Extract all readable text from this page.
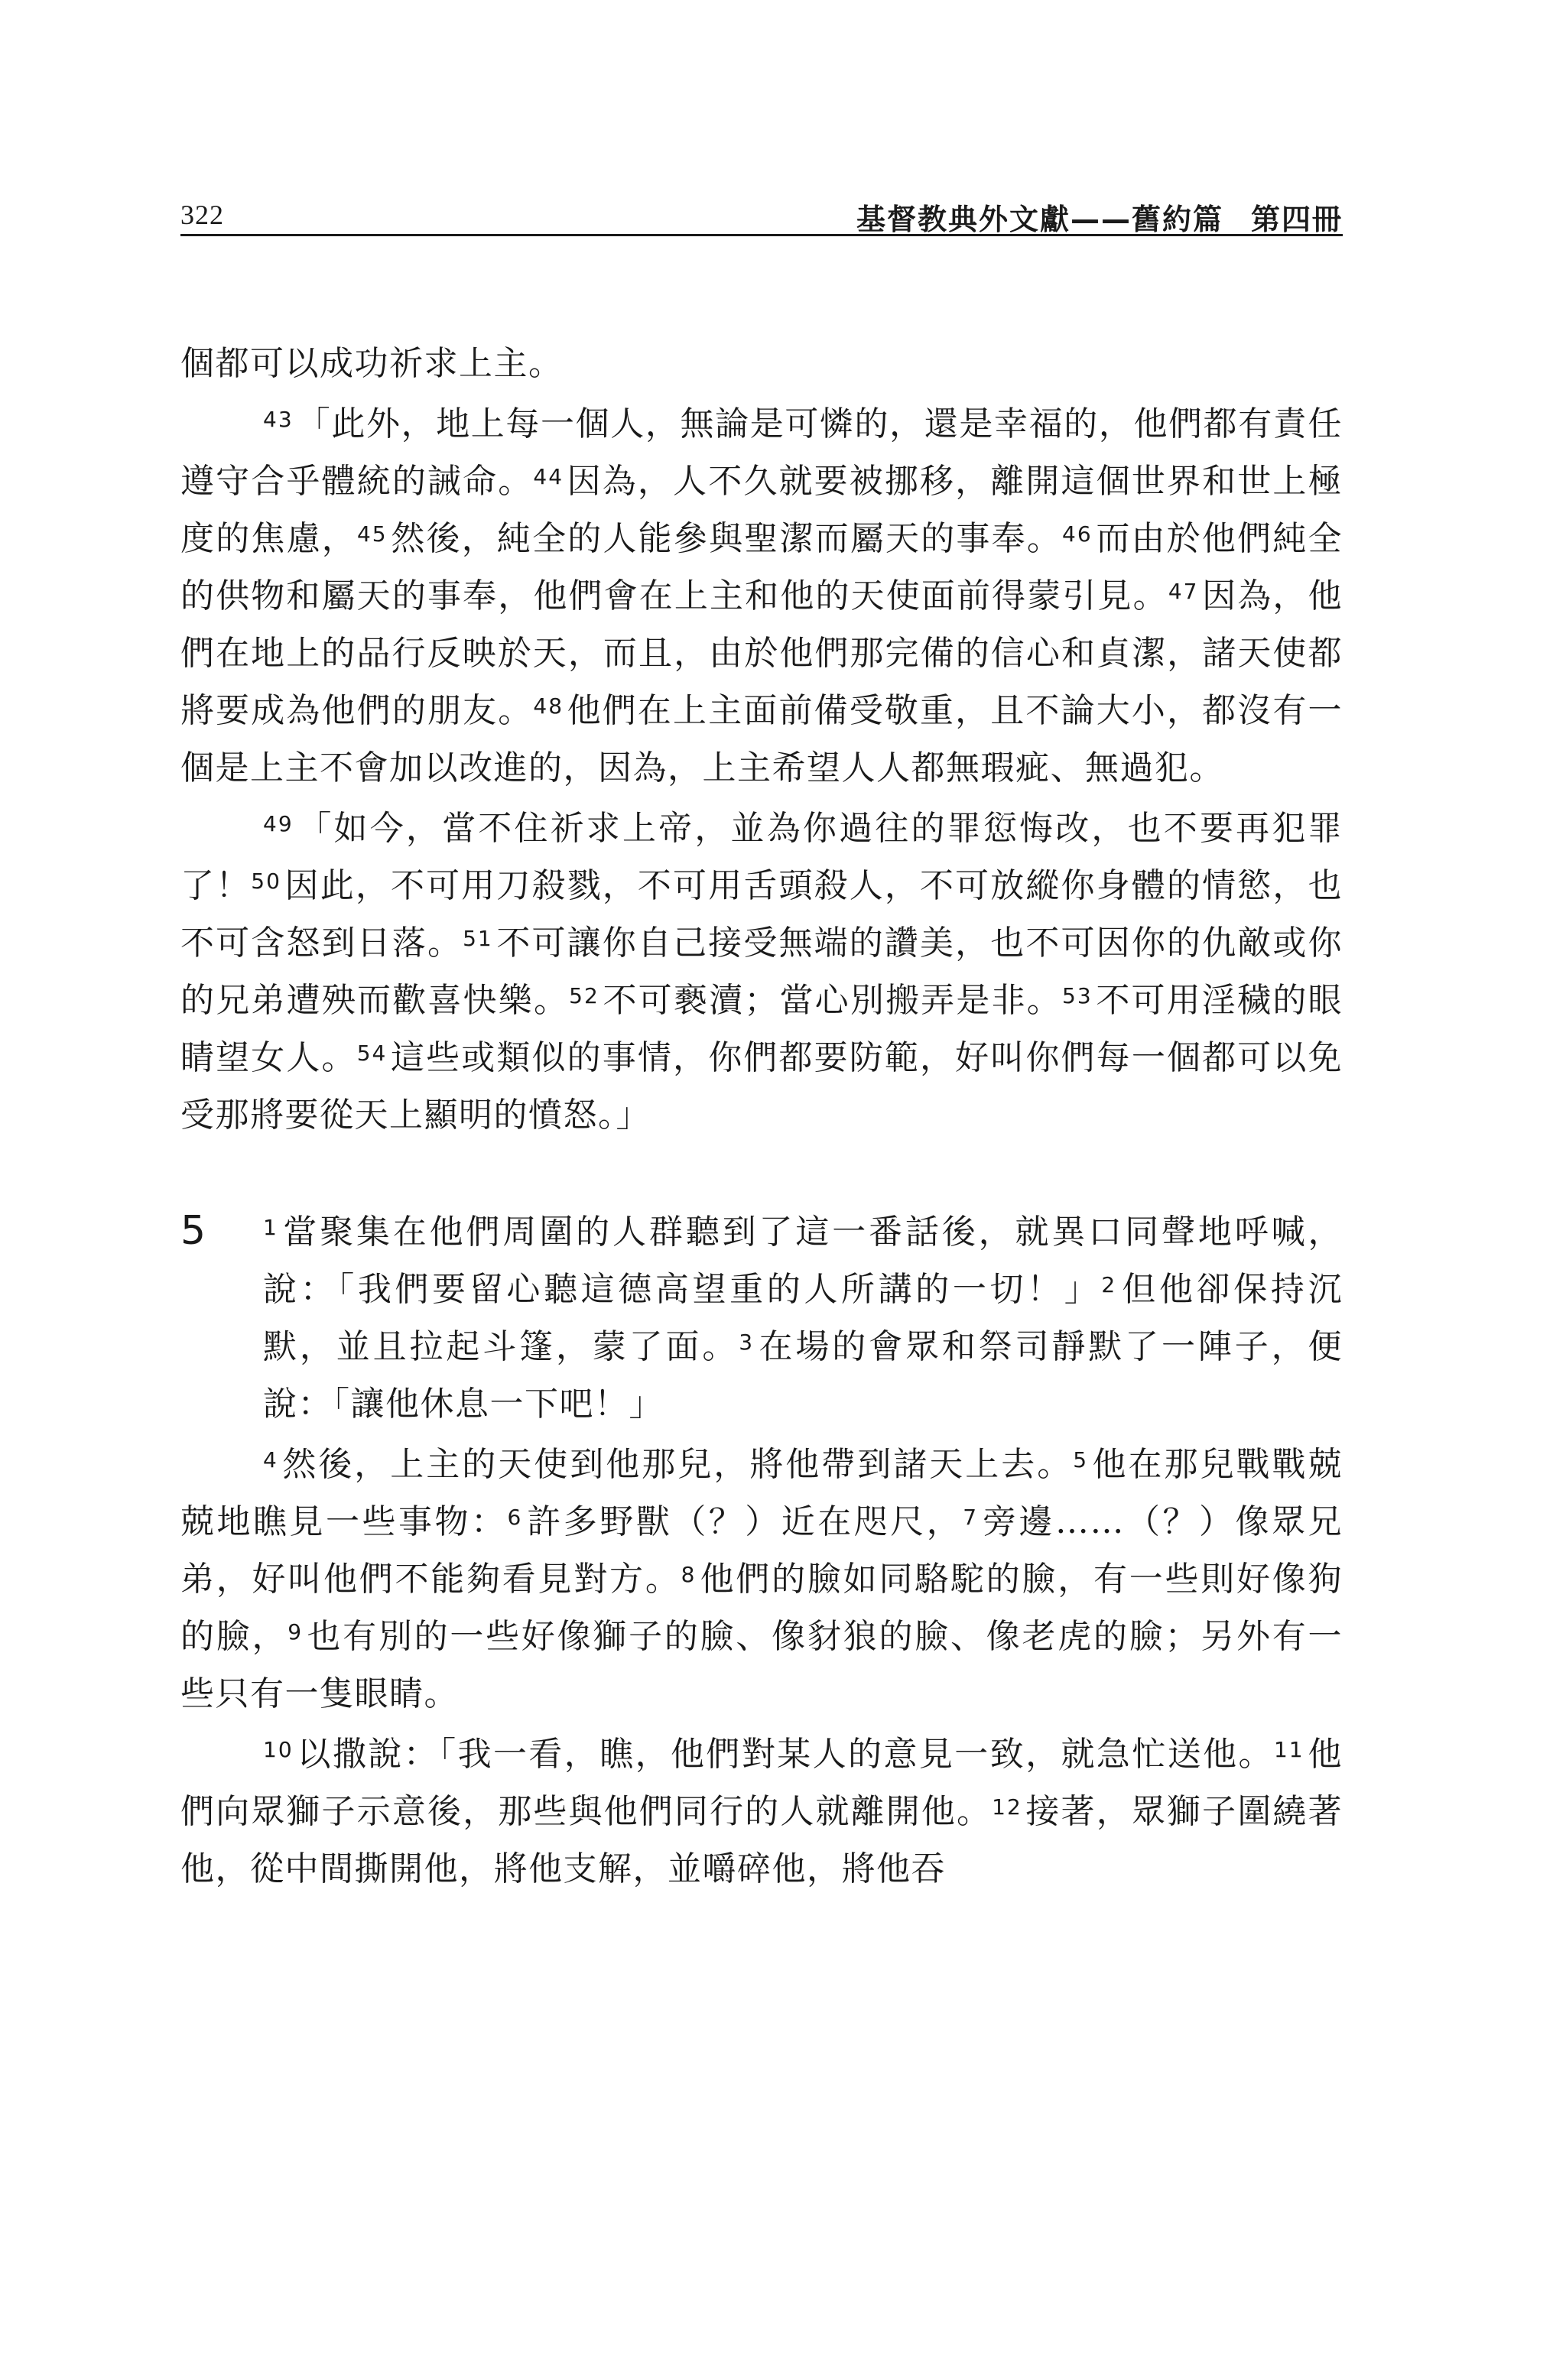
322	基督教典外文獻——舊約篇 第四冊

個都可以成功祈求上主。

$^{43}$「此外，地上每一個人，無論是可憐的，還是幸福的，他們都有責任遵守合乎體統的誡命。$^{44}$因為，人不久就要被挪移，離開這個世界和世上極度的焦慮，$^{45}$然後，純全的人能參與聖潔而屬天的事奉。$^{46}$而由於他們純全的供物和屬天的事奉，他們會在上主和他的天使面前得蒙引見。$^{47}$因為，他們在地上的品行反映於天，而且，由於他們那完備的信心和貞潔，諸天使都將要成為他們的朋友。$^{48}$他們在上主面前備受敬重，且不論大小，都沒有一個是上主不會加以改進的，因為，上主希望人人都無瑕疵、無過犯。

$^{49}$「如今，當不住祈求上帝，並為你過往的罪愆悔改，也不要再犯罪了！$^{50}$因此，不可用刀殺戮，不可用舌頭殺人，不可放縱你身體的情慾，也不可含怒到日落。$^{51}$不可讓你自己接受無端的讚美，也不可因你的仇敵或你的兄弟遭殃而歡喜快樂。$^{52}$不可褻瀆；當心別搬弄是非。$^{53}$不可用淫穢的眼睛望女人。$^{54}$這些或類似的事情，你們都要防範，好叫你們每一個都可以免受那將要從天上顯明的憤怒。」

5	$^1$當聚集在他們周圍的人群聽到了這一番話後，就異口同聲地呼喊，說：「我們要留心聽這德高望重的人所講的一切！」$^2$但他卻保持沉默，並且拉起斗篷，蒙了面。$^3$在場的會眾和祭司靜默了一陣子，便說：「讓他休息一下吧！」

$^4$然後，上主的天使到他那兒，將他帶到諸天上去。$^5$他在那兒戰戰兢兢地瞧見一些事物：$^6$許多野獸（？）近在咫尺，$^7$旁邊……（？）像眾兄弟，好叫他們不能夠看見對方。$^8$他們的臉如同駱駝的臉，有一些則好像狗的臉，$^9$也有別的一些好像獅子的臉、像豺狼的臉、像老虎的臉；另外有一些只有一隻眼睛。

$^{10}$以撒說：「我一看，瞧，他們對某人的意見一致，就急忙送他。$^{11}$他們向眾獅子示意後，那些與他們同行的人就離開他。$^{12}$接著，眾獅子圍繞著他，從中間撕開他，將他支解，並嚼碎他，將他吞
